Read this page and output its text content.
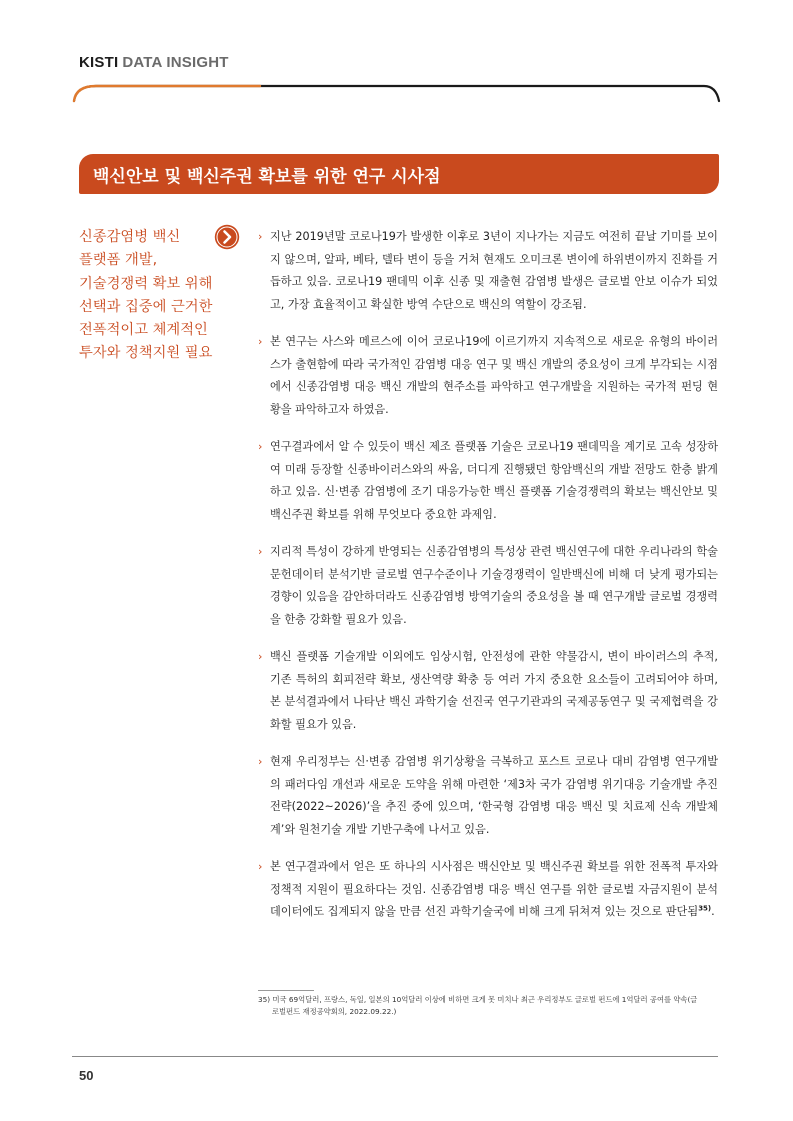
KISTI DATA INSIGHT
백신안보 및 백신주권 확보를 위한 연구 시사점
신종감염병 백신
플랫폼 개발,
기술경쟁력 확보 위해
선택과 집중에 근거한
전폭적이고 체계적인
투자와 정책지원 필요
› 지난 2019년말 코로나19가 발생한 이후로 3년이 지나가는 지금도 여전히 끝날 기미를 보이지 않으며, 알파, 베타, 델타 변이 등을 거쳐 현재도 오미크론 변이에 하위변이까지 진화를 거듭하고 있음. 코로나19 팬데믹 이후 신종 및 재출현 감염병 발생은 글로벌 안보 이슈가 되었고, 가장 효율적이고 확실한 방역 수단으로 백신의 역할이 강조됨.
› 본 연구는 사스와 메르스에 이어 코로나19에 이르기까지 지속적으로 새로운 유형의 바이러스가 출현함에 따라 국가적인 감염병 대응 연구 및 백신 개발의 중요성이 크게 부각되는 시점에서 신종감염병 대응 백신 개발의 현주소를 파악하고 연구개발을 지원하는 국가적 펀딩 현황을 파악하고자 하였음.
› 연구결과에서 알 수 있듯이 백신 제조 플랫폼 기술은 코로나19 팬데믹을 계기로 고속 성장하여 미래 등장할 신종바이러스와의 싸움, 더디게 진행됐던 항암백신의 개발 전망도 한층 밝게 하고 있음. 신·변종 감염병에 조기 대응가능한 백신 플랫폼 기술경쟁력의 확보는 백신안보 및 백신주권 확보를 위해 무엇보다 중요한 과제임.
› 지리적 특성이 강하게 반영되는 신종감염병의 특성상 관련 백신연구에 대한 우리나라의 학술문헌데이터 분석기반 글로벌 연구수준이나 기술경쟁력이 일반백신에 비해 더 낮게 평가되는 경향이 있음을 감안하더라도 신종감염병 방역기술의 중요성을 볼 때 연구개발 글로벌 경쟁력을 한층 강화할 필요가 있음.
› 백신 플랫폼 기술개발 이외에도 임상시험, 안전성에 관한 약물감시, 변이 바이러스의 추적, 기존 특허의 회피전략 확보, 생산역량 확충 등 여러 가지 중요한 요소들이 고려되어야 하며, 본 분석결과에서 나타난 백신 과학기술 선진국 연구기관과의 국제공동연구 및 국제협력을 강화할 필요가 있음.
› 현재 우리정부는 신·변종 감염병 위기상황을 극복하고 포스트 코로나 대비 감염병 연구개발의 패러다임 개선과 새로운 도약을 위해 마련한 ‘제3차 국가 감염병 위기대응 기술개발 추진전략(2022~2026)’을 추진 중에 있으며, ‘한국형 감염병 대응 백신 및 치료제 신속 개발체계’와 원천기술 개발 기반구축에 나서고 있음.
› 본 연구결과에서 얻은 또 하나의 시사점은 백신안보 및 백신주권 확보를 위한 전폭적 투자와 정책적 지원이 필요하다는 것임. 신종감염병 대응 백신 연구를 위한 글로벌 자금지원이 분석 데이터에도 집계되지 않을 만큼 선진 과학기술국에 비해 크게 뒤쳐져 있는 것으로 판단됨$^{35)}$.
35) 미국 69억달러, 프랑스, 독일, 일본의 10억달러 이상에 비하면 크게 못 미치나 최근 우리정부도 글로벌 펀드에 1억달러 공여를 약속(글
로벌펀드 재정공약회의, 2022.09.22.)
50
